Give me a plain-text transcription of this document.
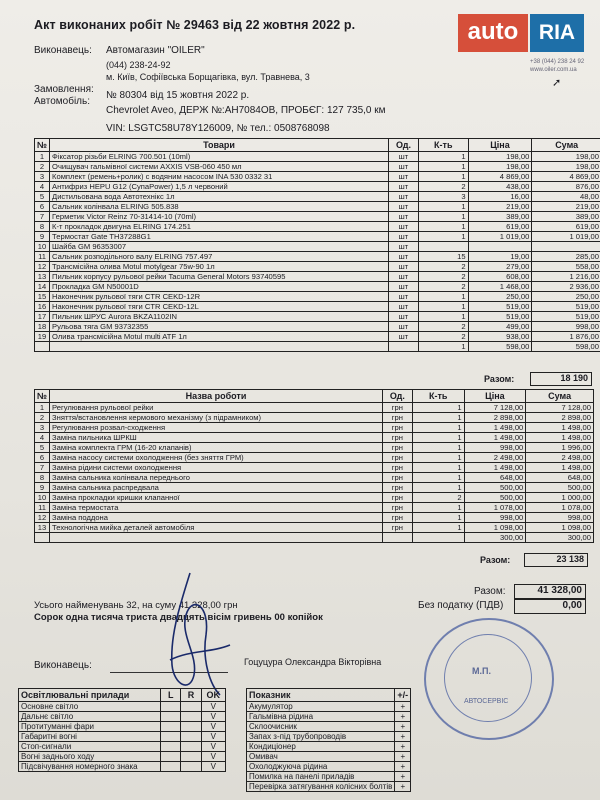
Акт виконаних робіт № 29463 від 22 жовтня 2022 р.	auto RIA
+38 (044) 238 24 92
www.oiler.com.ua
➚
Виконавець: Автомагазин "OILER"
(044) 238-24-92
м. Київ, Софіївська Борщагівка, вул. Травнева, 3
Замовлення:
№ 80304 від 15 жовтня 2022 р.
Автомобіль:
Chevrolet Aveo, ДЕРЖ №:АН7084ОВ, ПРОБЄГ: 127 735,0 км
VIN: LSGTC58U78Y126009, № тел.: 0508768098
№	Товари	Од.	К-ть	Ціна	Сума
1	Фіксатор різьби ELRING 700.501 (10ml)	шт	1	198,00	198,00
2	Очищувач гальмівної системи AXXIS VSB-060 450 мл	шт	1	198,00	198,00
3	Комплект (ремень+ролик) с водяним насосом INA 530 0332 31	шт	1	4 869,00	4 869,00
4	Антифриз HEPU G12 (СупаPower) 1,5 л червоний	шт	2	438,00	876,00
5	Дистильована вода Автотехнікс 1л	шт	3	16,00	48,00
6	Сальник колінвала ELRING 505.838	шт	1	219,00	219,00
7	Герметик Victor Reinz 70-31414-10 (70ml)	шт	1	389,00	389,00
8	К-т прокладок двигуна ELRING 174.251	шт	1	619,00	619,00
9	Термостат Gate TH37288G1	шт	1	1 019,00	1 019,00
10	Шайба GM 96353007	шт			
11	Сальник розподільного валу ELRING 757.497	шт	15	19,00	285,00
12	Трансмісійна олива Motul motylgear 75w-90 1л	шт	2	279,00	558,00
13	Пильник корпусу рульової рейки Tacuma General Motors 93740595	шт	2	608,00	1 216,00
14	Прокладка GM N50001D	шт	2	1 468,00	2 936,00
15	Наконечник рульової тяги CTR CEKD-12R	шт	1	250,00	250,00
16	Наконечник рульової тяги CTR CEKD-12L	шт	1	519,00	519,00
17	Пильник ШРУС Aurora BKZA1102IN	шт	1	519,00	519,00
18	Рульова тяга GM 93732355	шт	2	499,00	998,00
19	Олива трансмісійна Motul multi ATF 1л	шт	2	938,00	1 876,00
			1	598,00	598,00
Разом:	18 190
№	Назва роботи	Од.	К-ть	Ціна	Сума
1	Регулювання рульової рейки	грн	1	7 128,00	7 128,00
2	Зняття/встановлення кермового механізму (з підрамником)	грн	1	2 898,00	2 898,00
3	Регулювання розвал-сходження	грн	1	1 498,00	1 498,00
4	Заміна пильника ШРКШ	грн	1	1 498,00	1 498,00
5	Заміна комплекта ГРМ (16-20 клапанів)	грн	1	998,00	1 996,00
6	Заміна насосу системи охолодження (без зняття ГРМ)	грн	1	2 498,00	2 498,00
7	Заміна рідини системи охолодження	грн	1	1 498,00	1 498,00
8	Заміна сальника колінвала переднього	грн	1	648,00	648,00
9	Заміна сальника распредвала	грн	1	500,00	500,00
10	Заміна прокладки кришки клапанної	грн	2	500,00	1 000,00
11	Заміна термостата	грн	1	1 078,00	1 078,00
12	Заміна поддона	грн	1	998,00	998,00
13	Технологічна мийка деталей автомобіля	грн	1	1 098,00	1 098,00
				300,00	300,00
Разом:	23 138
Разом:	41 328,00
Без податку (ПДВ)	0,00
Усього найменувань 32, на суму 41 328,00 грн
Сорок одна тисяча триста двадцять вісім гривень 00 копійок
Виконавець:	Гоцуцура Олександра Вікторівна
М.П.
АВТОСЕРВІС
Освітлювальні прилади	L	R	OK
Основне світло			V
Дальнє світло			V
Протитуманні фари			V
Габаритні вогні			V
Стоп-сигнали			V
Вогні заднього ходу			V
Підсвічування номерного знака			V
Показник	+/-
Акумулятор	+
Гальмівна рідина	+
Склоочисник	+
Запах з-під трубопроводів	+
Кондиціонер	+
Омивач	+
Охолоджуюча рідина	+
Помилка на панелі приладів	+
Перевірка затягування колісних болтів	+
